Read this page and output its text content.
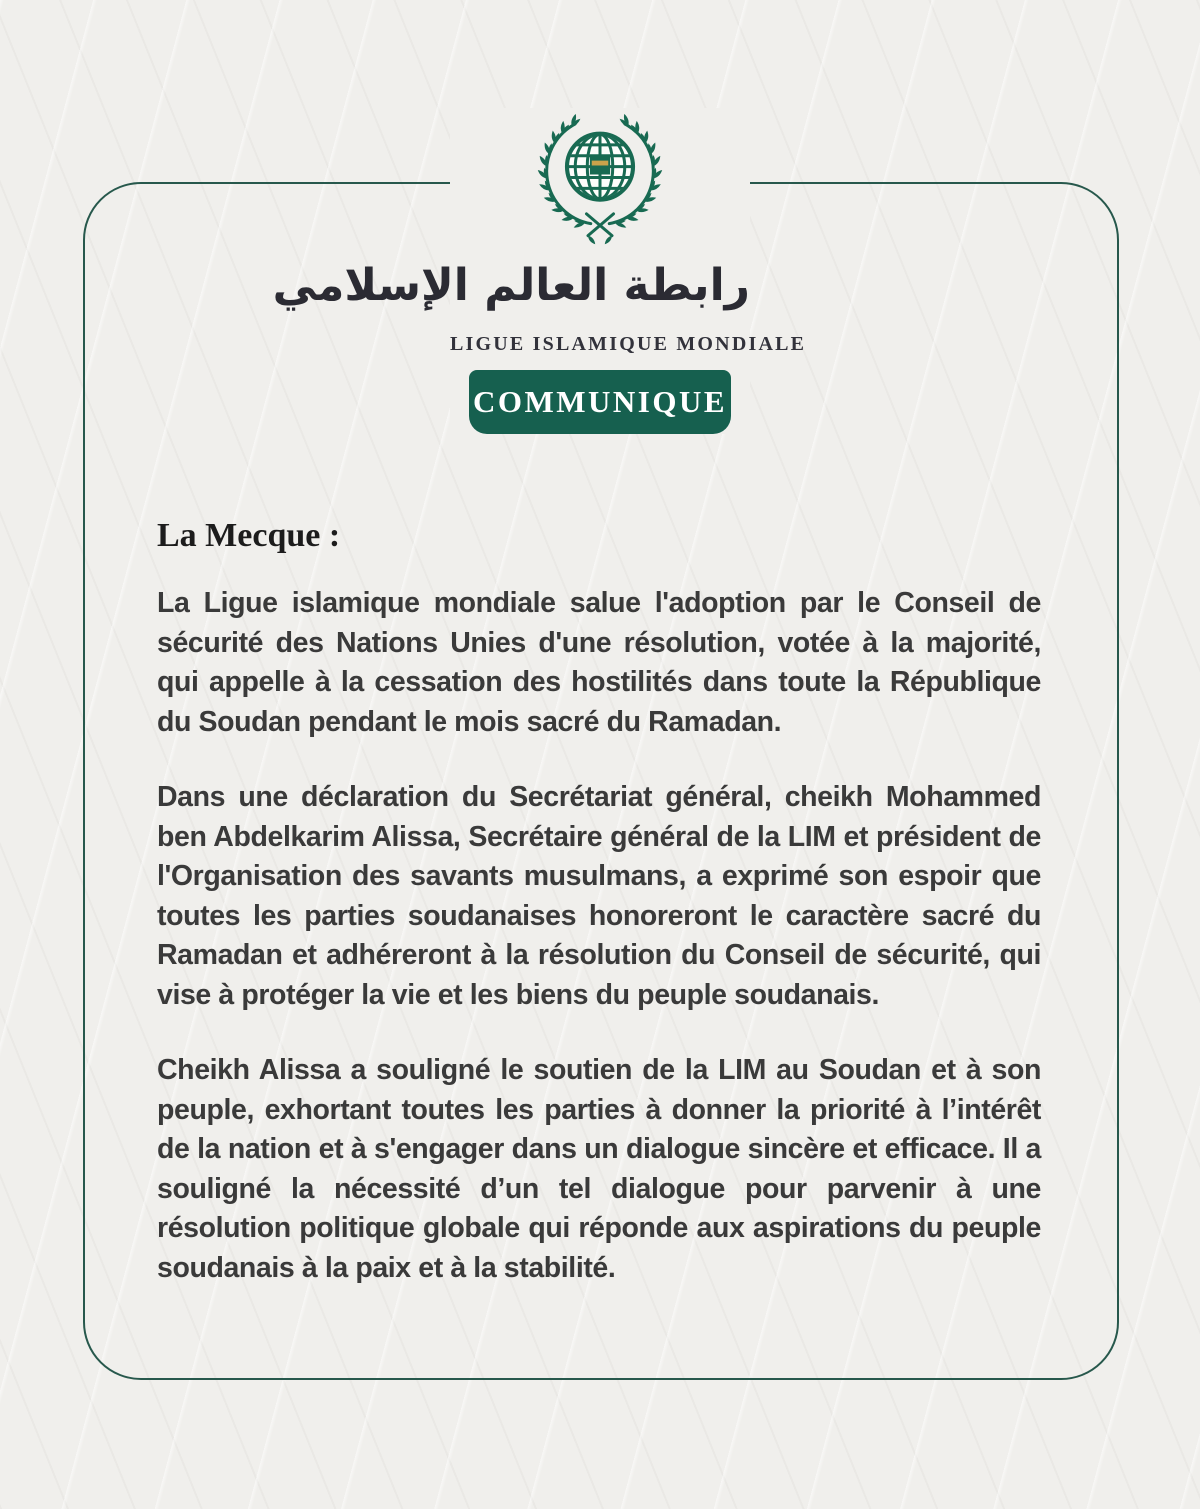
رابطة العالم الإسلامي
LIGUE ISLAMIQUE MONDIALE
COMMUNIQUE
La Mecque :

La Ligue islamique mondiale salue l'adoption par le Conseil de sécurité des Nations Unies d'une résolution, votée à la majorité, qui appelle à la cessation des hostilités dans toute la République du Soudan pendant le mois sacré du Ramadan.

Dans une déclaration du Secrétariat général, cheikh Mohammed ben Abdelkarim Alissa, Secrétaire général de la LIM et président de l'Organisation des savants musulmans, a exprimé son espoir que toutes les parties soudanaises honoreront le caractère sacré du Ramadan et adhéreront à la résolution du Conseil de sécurité, qui vise à protéger la vie et les biens du peuple soudanais.

Cheikh Alissa a souligné le soutien de la LIM au Soudan et à son peuple, exhortant toutes les parties à donner la priorité à l’intérêt de la nation et à s'engager dans un dialogue sincère et efficace. Il a souligné la nécessité d’un tel dialogue pour parvenir à une résolution politique globale qui réponde aux aspirations du peuple soudanais à la paix et à la stabilité.
